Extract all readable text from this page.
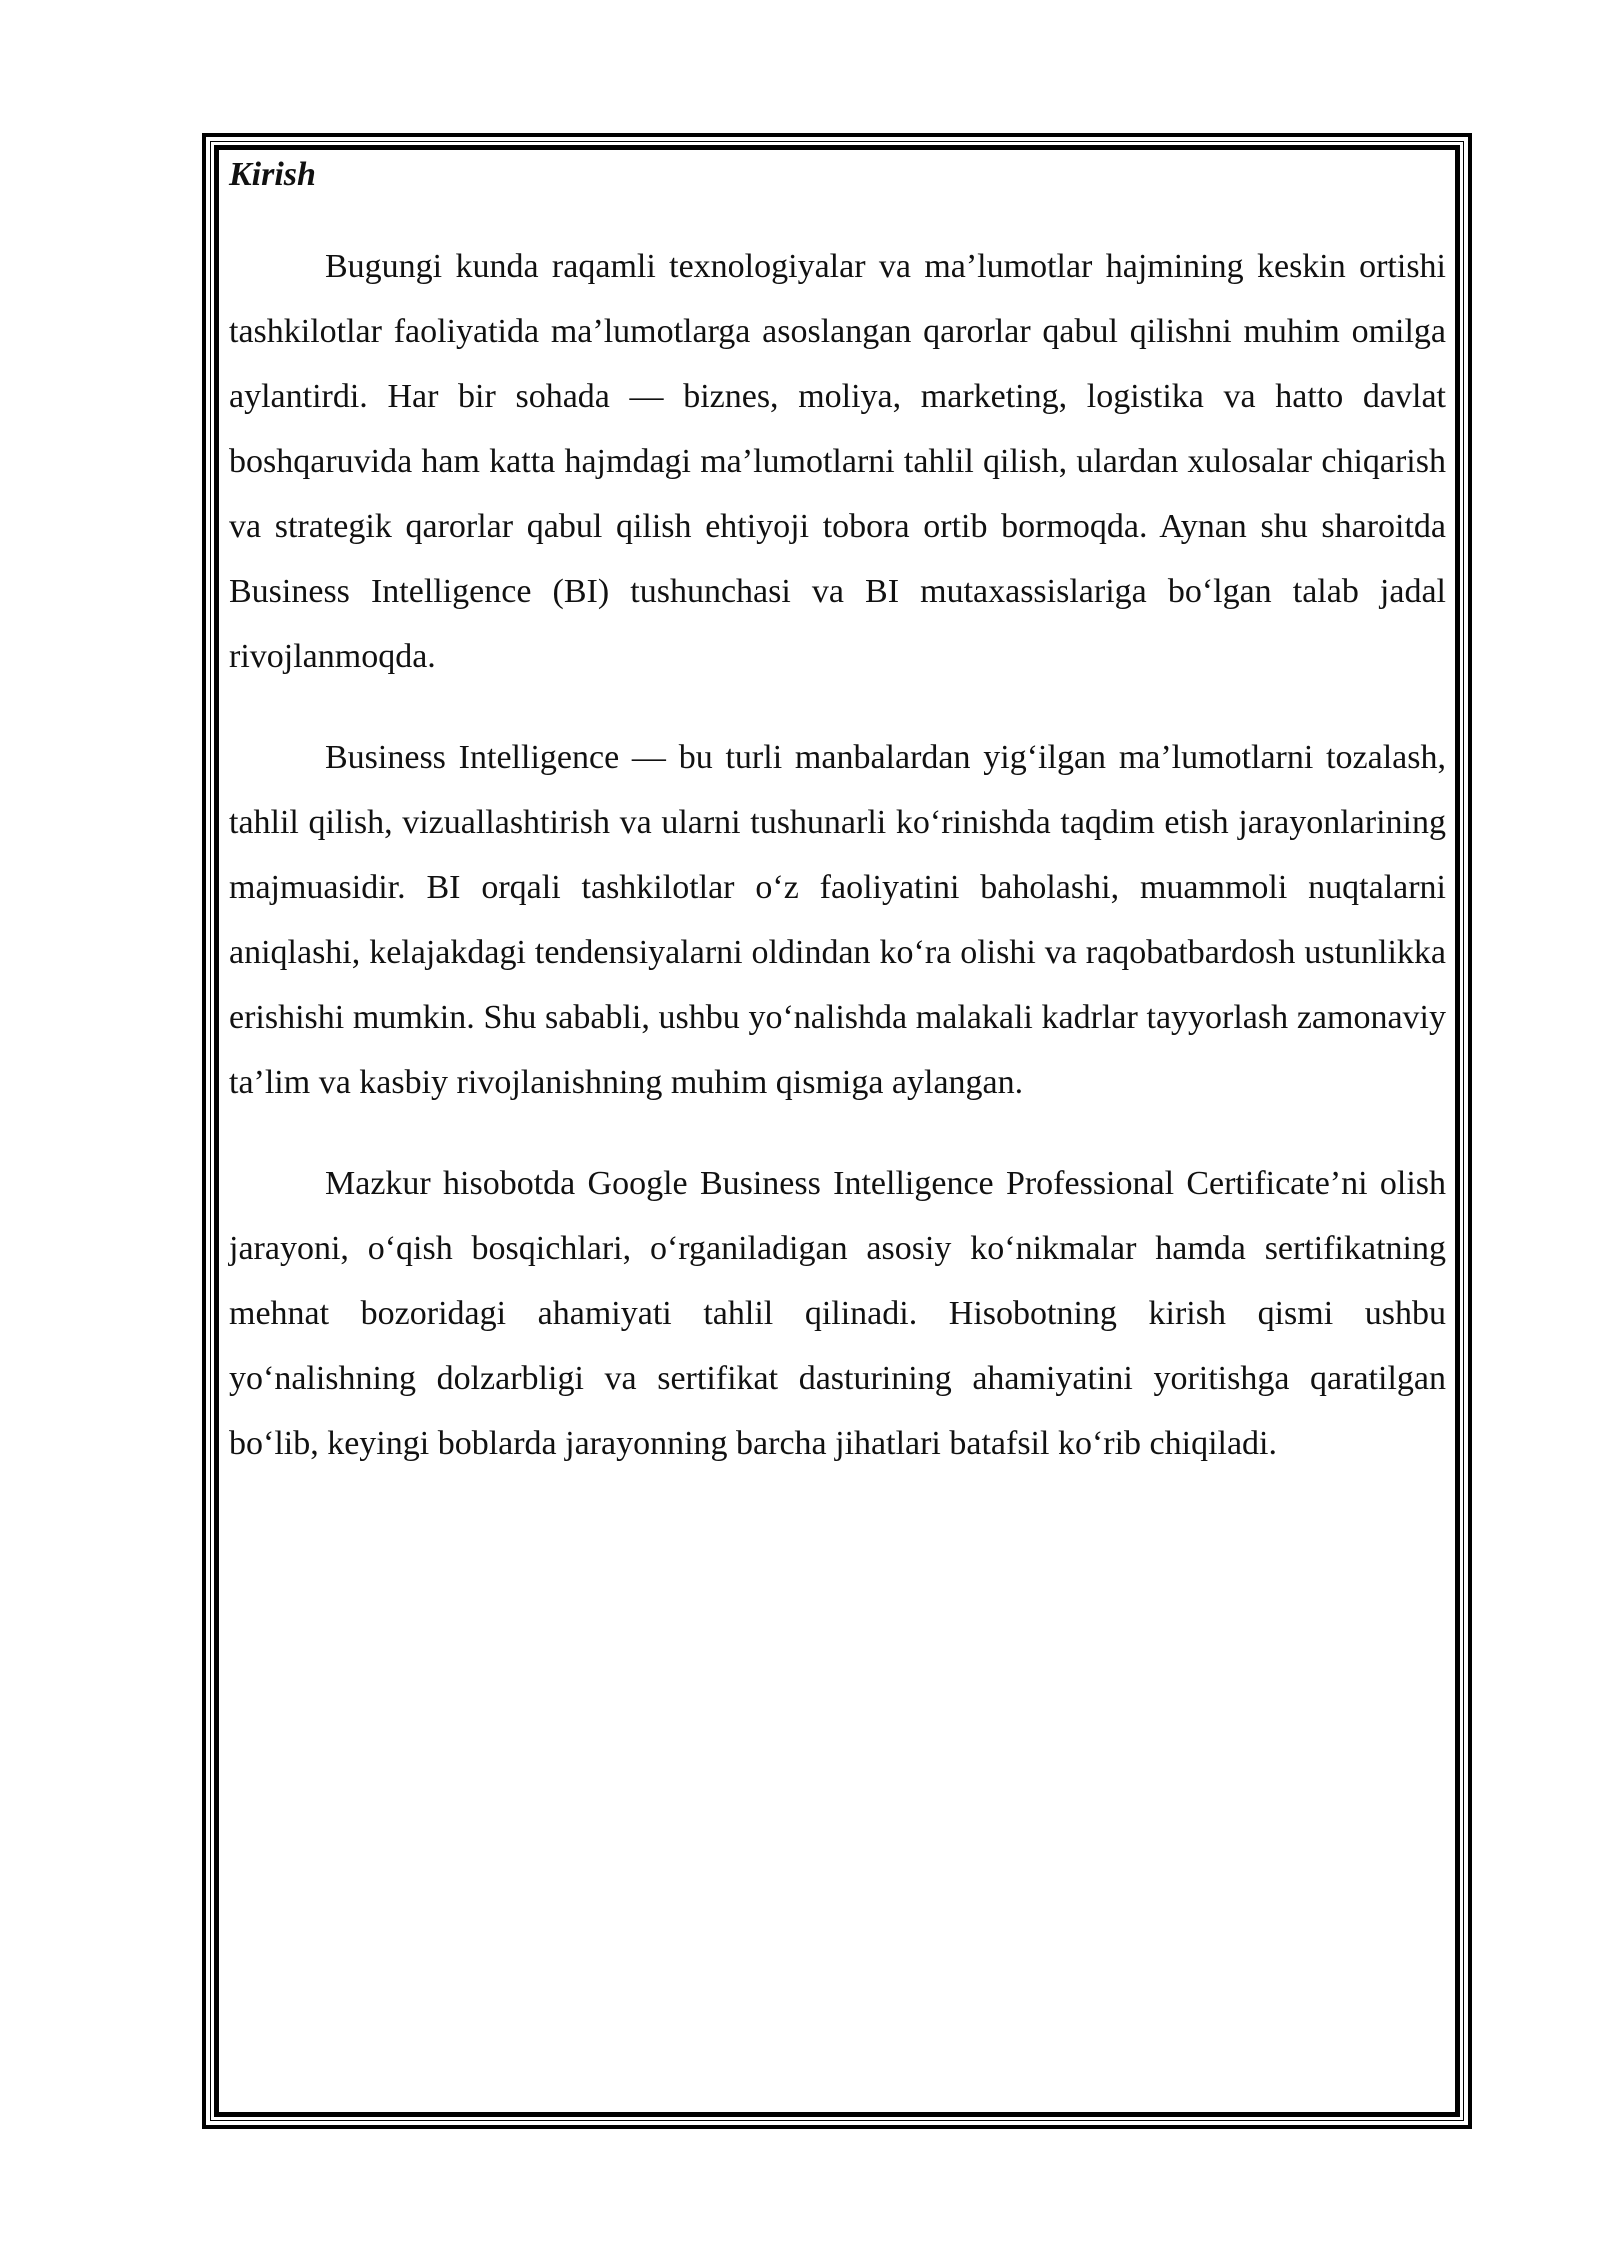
Kirish

Bugungi kunda raqamli texnologiyalar va ma’lumotlar hajmining keskin ortishi tashkilotlar faoliyatida ma’lumotlarga asoslangan qarorlar qabul qilishni muhim omilga aylantirdi. Har bir sohada — biznes, moliya, marketing, logistika va hatto davlat boshqaruvida ham katta hajmdagi ma’lumotlarni tahlil qilish, ulardan xulosalar chiqarish va strategik qarorlar qabul qilish ehtiyoji tobora ortib bormoqda. Aynan shu sharoitda Business Intelligence (BI) tushunchasi va BI mutaxassislariga bo‘lgan talab jadal rivojlanmoqda.

Business Intelligence — bu turli manbalardan yig‘ilgan ma’lumotlarni tozalash, tahlil qilish, vizuallashtirish va ularni tushunarli ko‘rinishda taqdim etish jarayonlarining majmuasidir. BI orqali tashkilotlar o‘z faoliyatini baholashi, muammoli nuqtalarni aniqlashi, kelajakdagi tendensiyalarni oldindan ko‘ra olishi va raqobatbardosh ustunlikka erishishi mumkin. Shu sababli, ushbu yo‘nalishda malakali kadrlar tayyorlash zamonaviy ta’lim va kasbiy rivojlanishning muhim qismiga aylangan.

Mazkur hisobotda Google Business Intelligence Professional Certificate’ni olish jarayoni, o‘qish bosqichlari, o‘rganiladigan asosiy ko‘nikmalar hamda sertifikatning mehnat bozoridagi ahamiyati tahlil qilinadi. Hisobotning kirish qismi ushbu yo‘nalishning dolzarbligi va sertifikat dasturining ahamiyatini yoritishga qaratilgan bo‘lib, keyingi boblarda jarayonning barcha jihatlari batafsil ko‘rib chiqiladi.
